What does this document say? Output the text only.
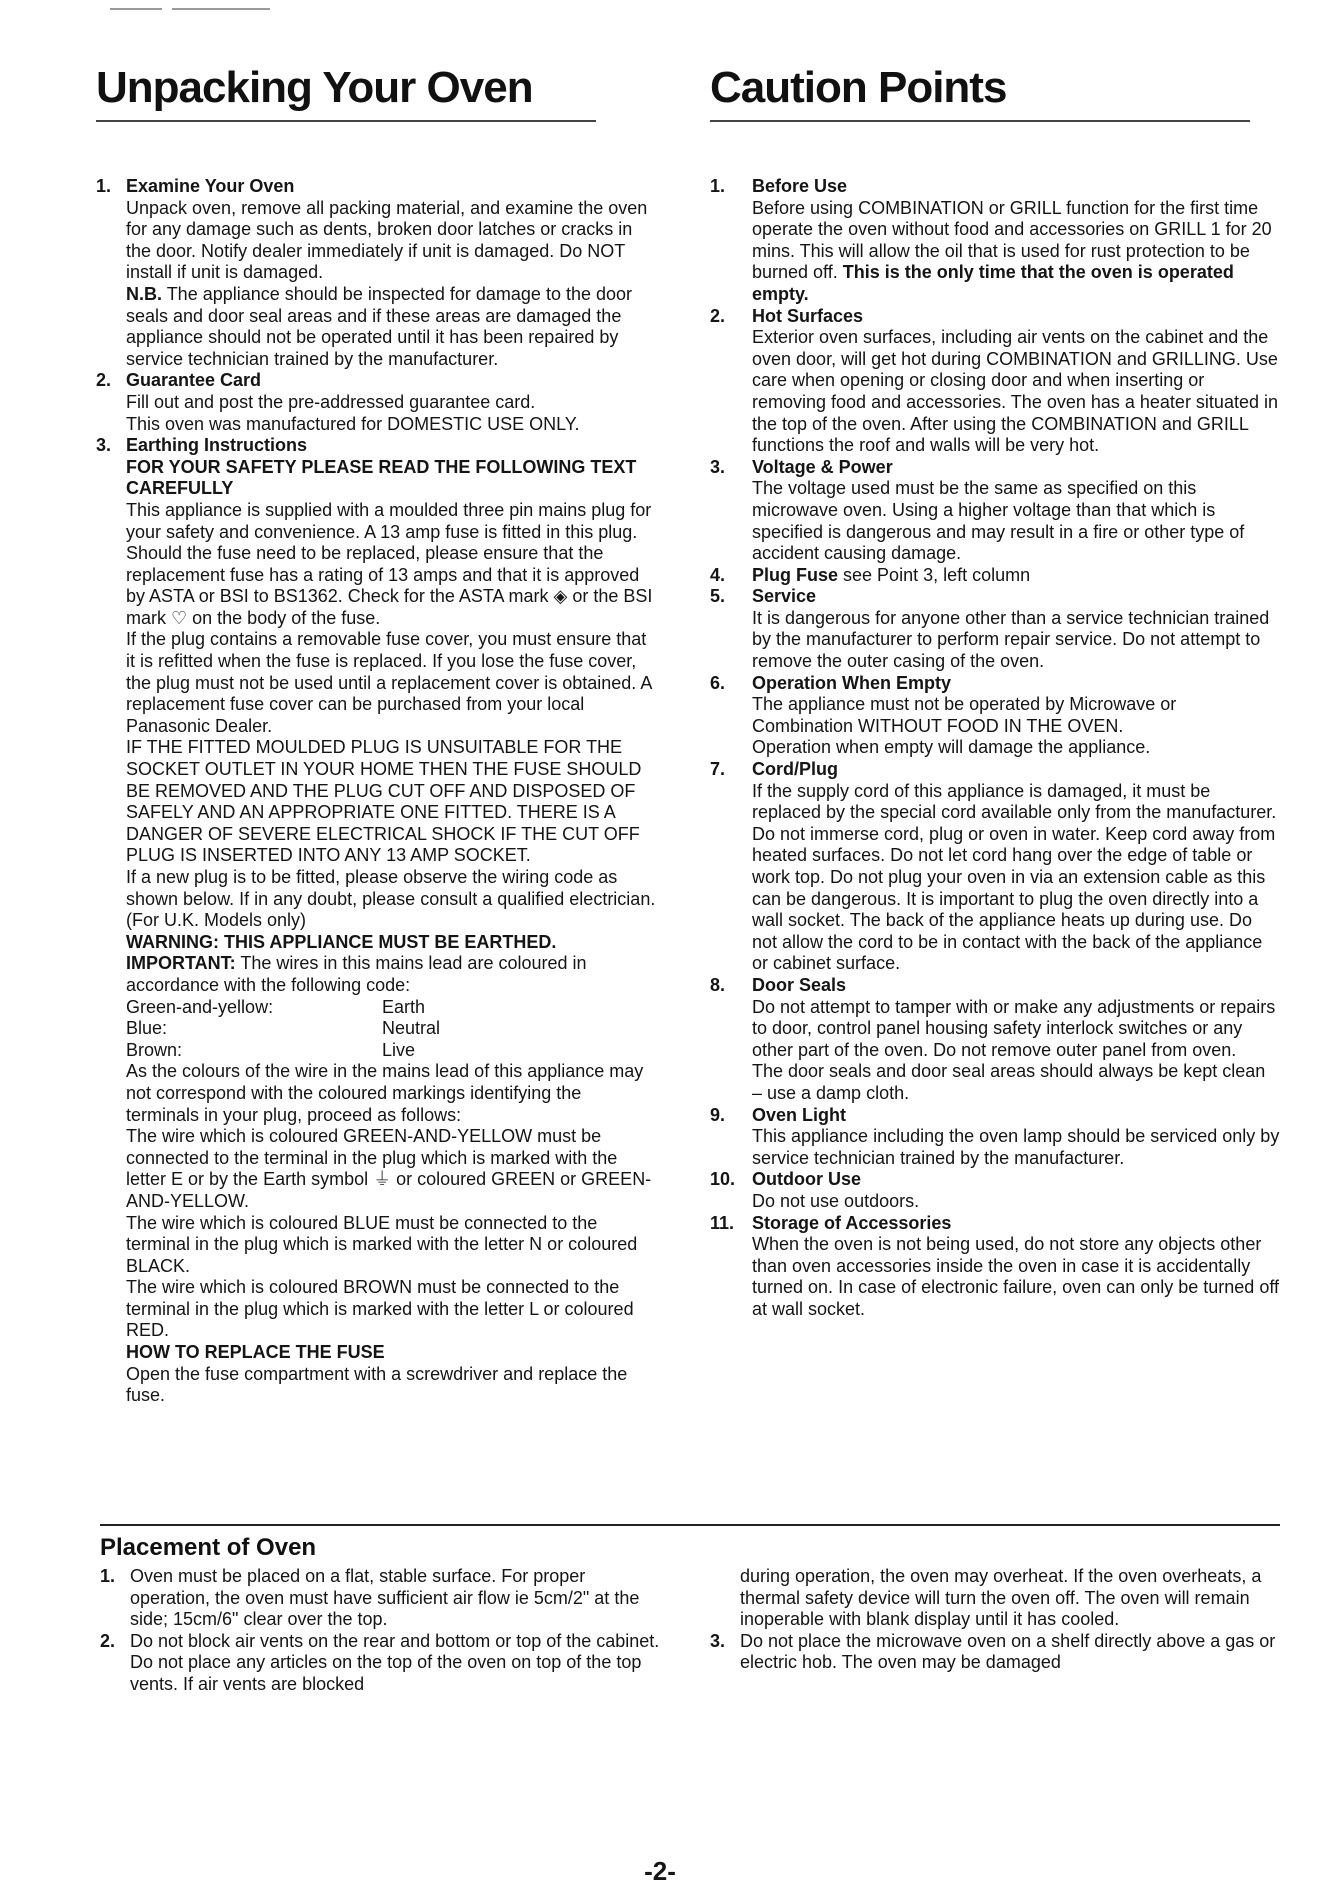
Unpacking Your Oven	Caution Points
1. Examine Your Oven
Unpack oven, remove all packing material, and examine the oven for any damage such as dents, broken door latches or cracks in the door. Notify dealer immediately if unit is damaged. Do NOT install if unit is damaged.
N.B. The appliance should be inspected for damage to the door seals and door seal areas and if these areas are damaged the appliance should not be operated until it has been repaired by service technician trained by the manufacturer.
2. Guarantee Card
Fill out and post the pre-addressed guarantee card.
This oven was manufactured for DOMESTIC USE ONLY.
3. Earthing Instructions
FOR YOUR SAFETY PLEASE READ THE FOLLOWING TEXT CAREFULLY
This appliance is supplied with a moulded three pin mains plug for your safety and convenience. A 13 amp fuse is fitted in this plug. Should the fuse need to be replaced, please ensure that the replacement fuse has a rating of 13 amps and that it is approved by ASTA or BSI to BS1362. Check for the ASTA mark ◈ or the BSI mark ♡ on the body of the fuse.
If the plug contains a removable fuse cover, you must ensure that it is refitted when the fuse is replaced. If you lose the fuse cover, the plug must not be used until a replacement cover is obtained. A replacement fuse cover can be purchased from your local Panasonic Dealer.
IF THE FITTED MOULDED PLUG IS UNSUITABLE FOR THE SOCKET OUTLET IN YOUR HOME THEN THE FUSE SHOULD BE REMOVED AND THE PLUG CUT OFF AND DISPOSED OF SAFELY AND AN APPROPRIATE ONE FITTED. THERE IS A DANGER OF SEVERE ELECTRICAL SHOCK IF THE CUT OFF PLUG IS INSERTED INTO ANY 13 AMP SOCKET.
If a new plug is to be fitted, please observe the wiring code as shown below. If in any doubt, please consult a qualified electrician. (For U.K. Models only)
WARNING: THIS APPLIANCE MUST BE EARTHED.
IMPORTANT: The wires in this mains lead are coloured in accordance with the following code:
Green-and-yellow:	Earth
Blue:	Neutral
Brown:	Live
As the colours of the wire in the mains lead of this appliance may not correspond with the coloured markings identifying the terminals in your plug, proceed as follows:
The wire which is coloured GREEN-AND-YELLOW must be connected to the terminal in the plug which is marked with the letter E or by the Earth symbol ⏚ or coloured GREEN or GREEN-AND-YELLOW.
The wire which is coloured BLUE must be connected to the terminal in the plug which is marked with the letter N or coloured BLACK.
The wire which is coloured BROWN must be connected to the terminal in the plug which is marked with the letter L or coloured RED.
HOW TO REPLACE THE FUSE
Open the fuse compartment with a screwdriver and replace the fuse.
1. Before Use
Before using COMBINATION or GRILL function for the first time operate the oven without food and accessories on GRILL 1 for 20 mins. This will allow the oil that is used for rust protection to be burned off. This is the only time that the oven is operated empty.
2. Hot Surfaces
Exterior oven surfaces, including air vents on the cabinet and the oven door, will get hot during COMBINATION and GRILLING. Use care when opening or closing door and when inserting or removing food and accessories. The oven has a heater situated in the top of the oven. After using the COMBINATION and GRILL functions the roof and walls will be very hot.
3. Voltage & Power
The voltage used must be the same as specified on this microwave oven. Using a higher voltage than that which is specified is dangerous and may result in a fire or other type of accident causing damage.
4. Plug Fuse see Point 3, left column
5. Service
It is dangerous for anyone other than a service technician trained by the manufacturer to perform repair service. Do not attempt to remove the outer casing of the oven.
6. Operation When Empty
The appliance must not be operated by Microwave or Combination WITHOUT FOOD IN THE OVEN.
Operation when empty will damage the appliance.
7. Cord/Plug
If the supply cord of this appliance is damaged, it must be replaced by the special cord available only from the manufacturer.
Do not immerse cord, plug or oven in water. Keep cord away from heated surfaces. Do not let cord hang over the edge of table or work top. Do not plug your oven in via an extension cable as this can be dangerous. It is important to plug the oven directly into a wall socket. The back of the appliance heats up during use. Do not allow the cord to be in contact with the back of the appliance or cabinet surface.
8. Door Seals
Do not attempt to tamper with or make any adjustments or repairs to door, control panel housing safety interlock switches or any other part of the oven. Do not remove outer panel from oven.
The door seals and door seal areas should always be kept clean – use a damp cloth.
9. Oven Light
This appliance including the oven lamp should be serviced only by service technician trained by the manufacturer.
10. Outdoor Use
Do not use outdoors.
11. Storage of Accessories
When the oven is not being used, do not store any objects other than oven accessories inside the oven in case it is accidentally turned on. In case of electronic failure, oven can only be turned off at wall socket.
Placement of Oven
1. Oven must be placed on a flat, stable surface. For proper operation, the oven must have sufficient air flow ie 5cm/2" at the side; 15cm/6" clear over the top.
2. Do not block air vents on the rear and bottom or top of the cabinet. Do not place any articles on the top of the oven on top of the top vents. If air vents are blocked
during operation, the oven may overheat. If the oven overheats, a thermal safety device will turn the oven off. The oven will remain inoperable with blank display until it has cooled.
3. Do not place the microwave oven on a shelf directly above a gas or electric hob. The oven may be damaged
-2-
